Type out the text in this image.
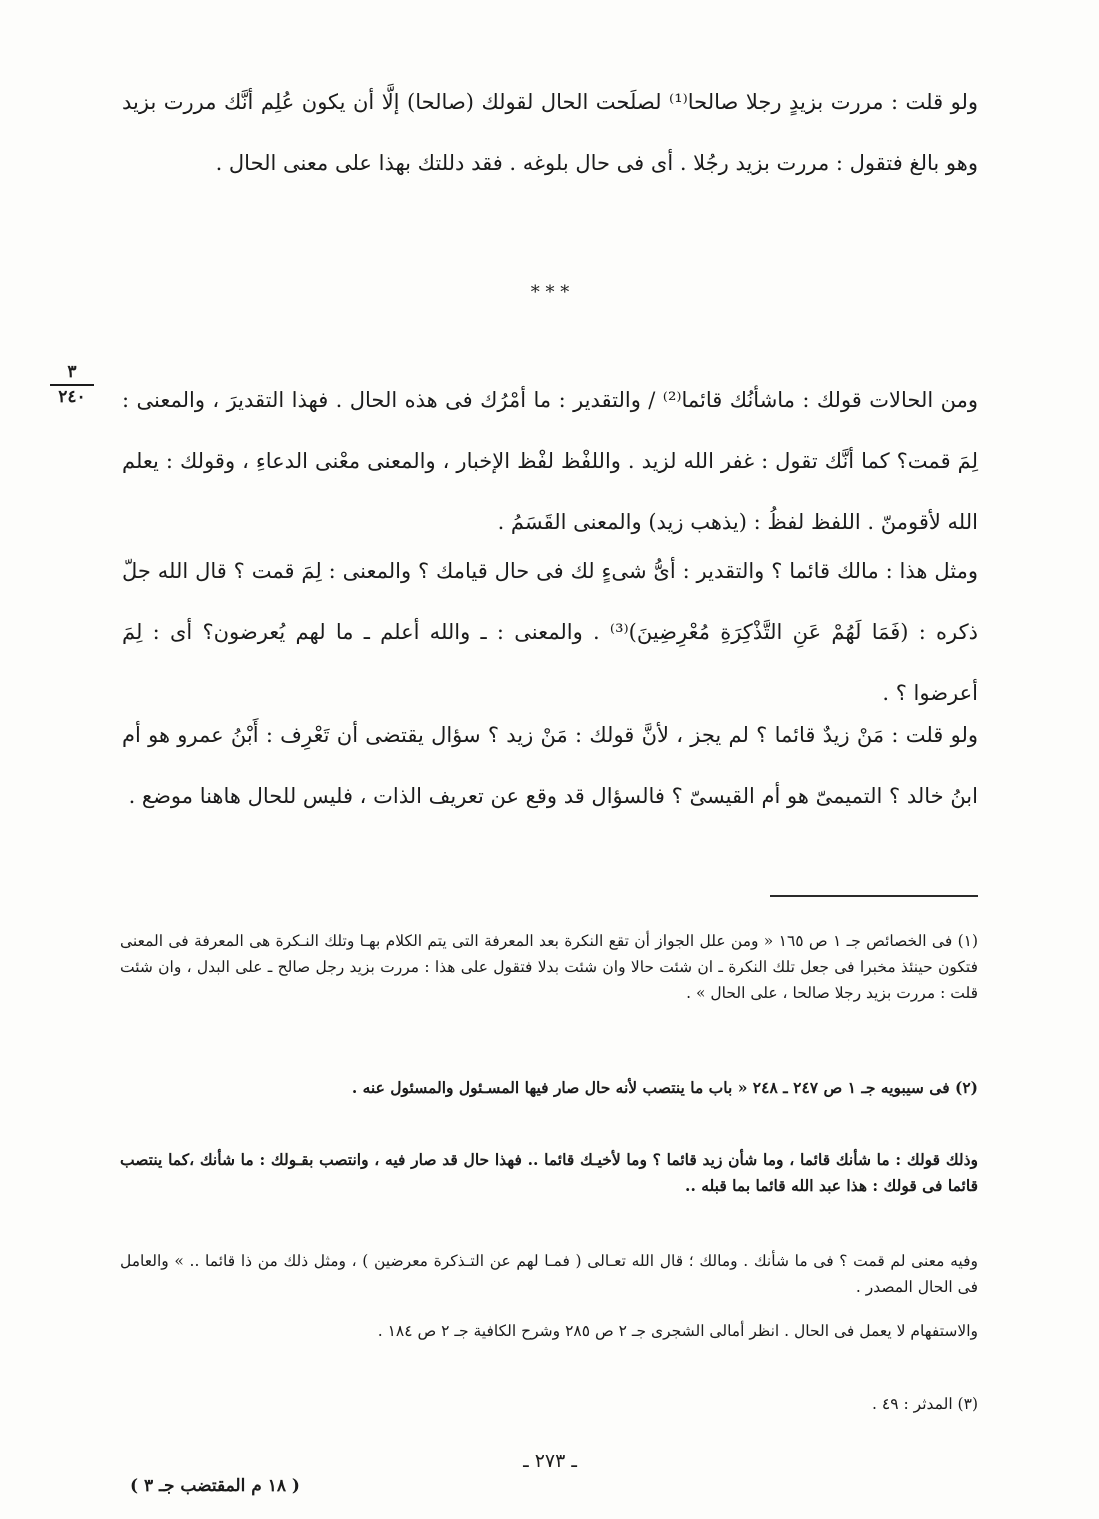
ولو قلت : مررت بزيدٍ رجلا صالحا⁽¹⁾ لصلَحت الحال لقولك (صالحا) إلَّا أن يكون عُلِم أنَّك مررت بزيد وهو بالغ فتقول : مررت بزيد رجُلا . أى فى حال بلوغه . فقد دللتك بهذا على معنى الحال .

* * *
٣
٢٤٠	ومن الحالات قولك : ماشأنُك قائما⁽²⁾ / والتقدير : ما أمْرُك فى هذه الحال . فهذا التقديرَ ، والمعنى : لِمَ قمت؟ كما أنَّك تقول : غفر الله لزيد . واللفْظ لفْظ الإخبار ، والمعنى معْنى الدعاءِ ، وقولك : يعلم الله لأقومنّ . اللفظ لفظُ : (يذهب زيد) والمعنى القَسَمُ .

ومثل هذا : مالك قائما ؟ والتقدير : أىُّ شىءٍ لك فى حال قيامك ؟ والمعنى : لِمَ قمت ؟ قال الله جلّ ذكره : (فَمَا لَهُمْ عَنِ التَّذْكِرَةِ مُعْرِضِينَ)⁽³⁾ . والمعنى : ـ والله أعلم ـ ما لهم يُعرضون؟ أى : لِمَ أعرضوا ؟ .

ولو قلت : مَنْ زيدٌ قائما ؟ لم يجز ، لأنَّ قولك : مَنْ زيد ؟ سؤال يقتضى أن تَعْرِف : أَبْنُ عمرو هو أم ابنُ خالد ؟ التميمىّ هو أم القيسىّ ؟ فالسؤال قد وقع عن تعريف الذات ، فليس للحال هاهنا موضع .

(١) فى الخصائص جـ ١ ص ١٦٥ « ومن علل الجواز أن تقع النكرة بعد المعرفة التى يتم الكلام بهـا وتلك النـكرة هى المعرفة فى المعنى فتكون حينئذ مخبرا فى جعل تلك النكرة ـ ان شئت حالا وان شئت بدلا فتقول على هذا : مررت بزيد رجل صالح ـ على البدل ، وان شئت قلت : مررت بزيد رجلا صالحا ، على الحال » .

(٢) فى سيبويه جـ ١ ص ٢٤٧ ـ ٢٤٨ « باب ما ينتصب لأنه حال صار فيها المسـئول والمسئول عنه .

وذلك قولك : ما شأنك قائما ، وما شأن زيد قائما ؟ وما لأخيـك قائما .. فهذا حال قد صار فيه ، وانتصب بقـولك : ما شأنك ،كما ينتصب قائما فى قولك : هذا عبد الله قائما بما قبله ..

وفيه معنى لم قمت ؟ فى ما شأنك . ومالك ؛ قال الله تعـالى ( فمـا لهم عن التـذكرة معرضين ) ، ومثل ذلك من ذا قائما .. » والعامل فى الحال المصدر .

والاستفهام لا يعمل فى الحال . انظر أمالى الشجرى جـ ٢ ص ٢٨٥ وشرح الكافية جـ ٢ ص ١٨٤ .

(٣) المدثر : ٤٩ .

ـ ٢٧٣ ـ
( ١٨ م المقتضب جـ ٣ )
